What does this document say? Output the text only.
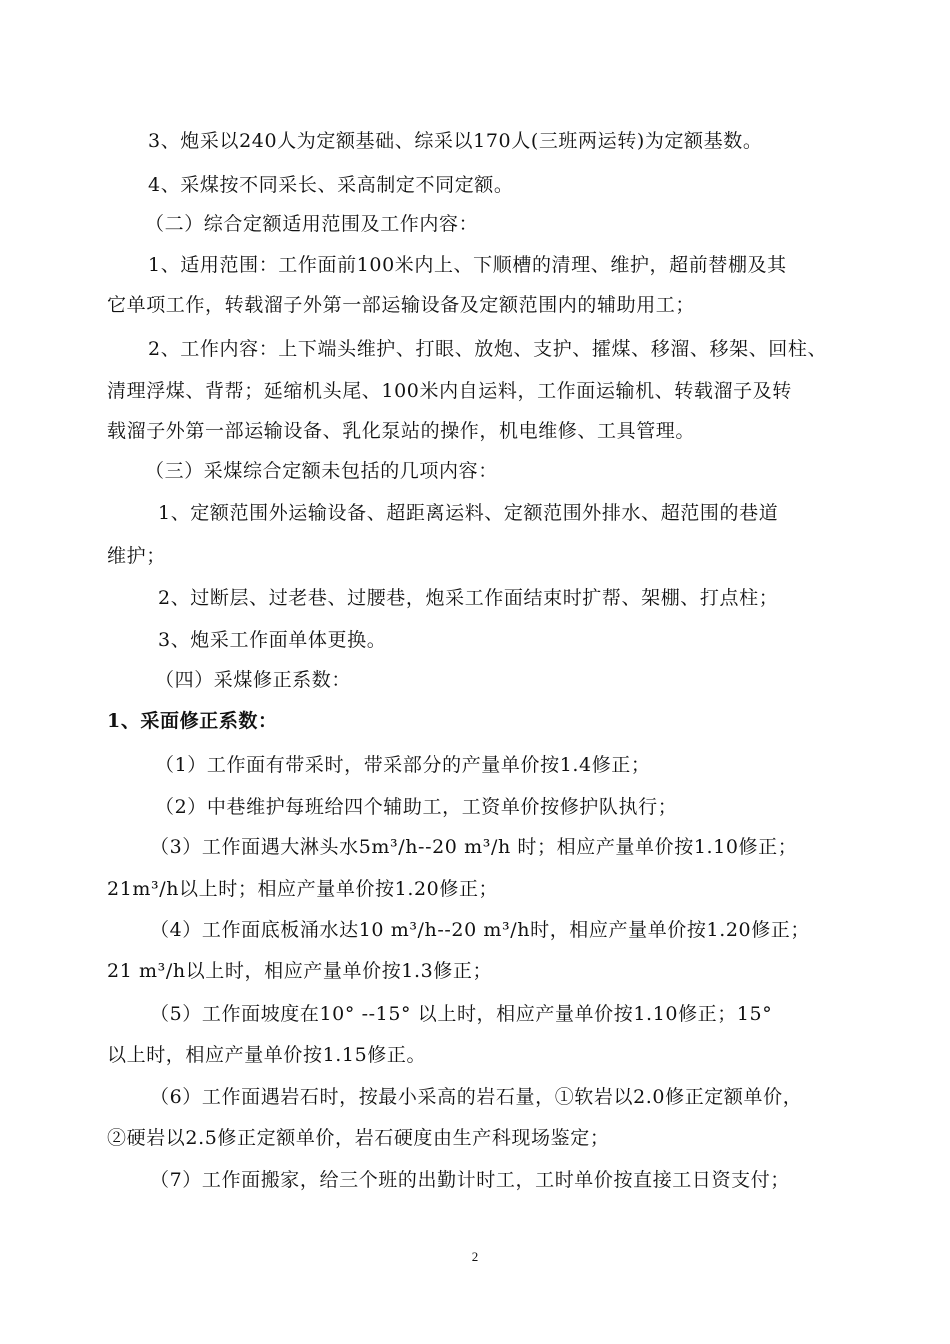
3、炮采以240人为定额基础、综采以170人(三班两运转)为定额基数。
4、采煤按不同采长、采高制定不同定额。
（二）综合定额适用范围及工作内容：
1、适用范围：工作面前100米内上、下顺槽的清理、维护，超前替棚及其
它单项工作，转载溜子外第一部运输设备及定额范围内的辅助用工；
2、工作内容：上下端头维护、打眼、放炮、支护、攉煤、移溜、移架、回柱、
清理浮煤、背帮；延缩机头尾、100米内自运料，工作面运输机、转载溜子及转
载溜子外第一部运输设备、乳化泵站的操作，机电维修、工具管理。
（三）采煤综合定额未包括的几项内容：
1、定额范围外运输设备、超距离运料、定额范围外排水、超范围的巷道
维护；
2、过断层、过老巷、过腰巷，炮采工作面结束时扩帮、架棚、打点柱；
3、炮采工作面单体更换。
（四）采煤修正系数：
1、采面修正系数：
（1）工作面有带采时，带采部分的产量单价按1.4修正；
（2）中巷维护每班给四个辅助工，工资单价按修护队执行；
（3）工作面遇大淋头水5m³/h--20 m³/h 时；相应产量单价按1.10修正；
21m³/h以上时；相应产量单价按1.20修正；
（4）工作面底板涌水达10 m³/h--20 m³/h时，相应产量单价按1.20修正；
21 m³/h以上时，相应产量单价按1.3修正；
（5）工作面坡度在10° --15° 以上时，相应产量单价按1.10修正；15°
以上时，相应产量单价按1.15修正。
（6）工作面遇岩石时，按最小采高的岩石量，①软岩以2.0修正定额单价，
②硬岩以2.5修正定额单价，岩石硬度由生产科现场鉴定；
（7）工作面搬家，给三个班的出勤计时工，工时单价按直接工日资支付；
2
